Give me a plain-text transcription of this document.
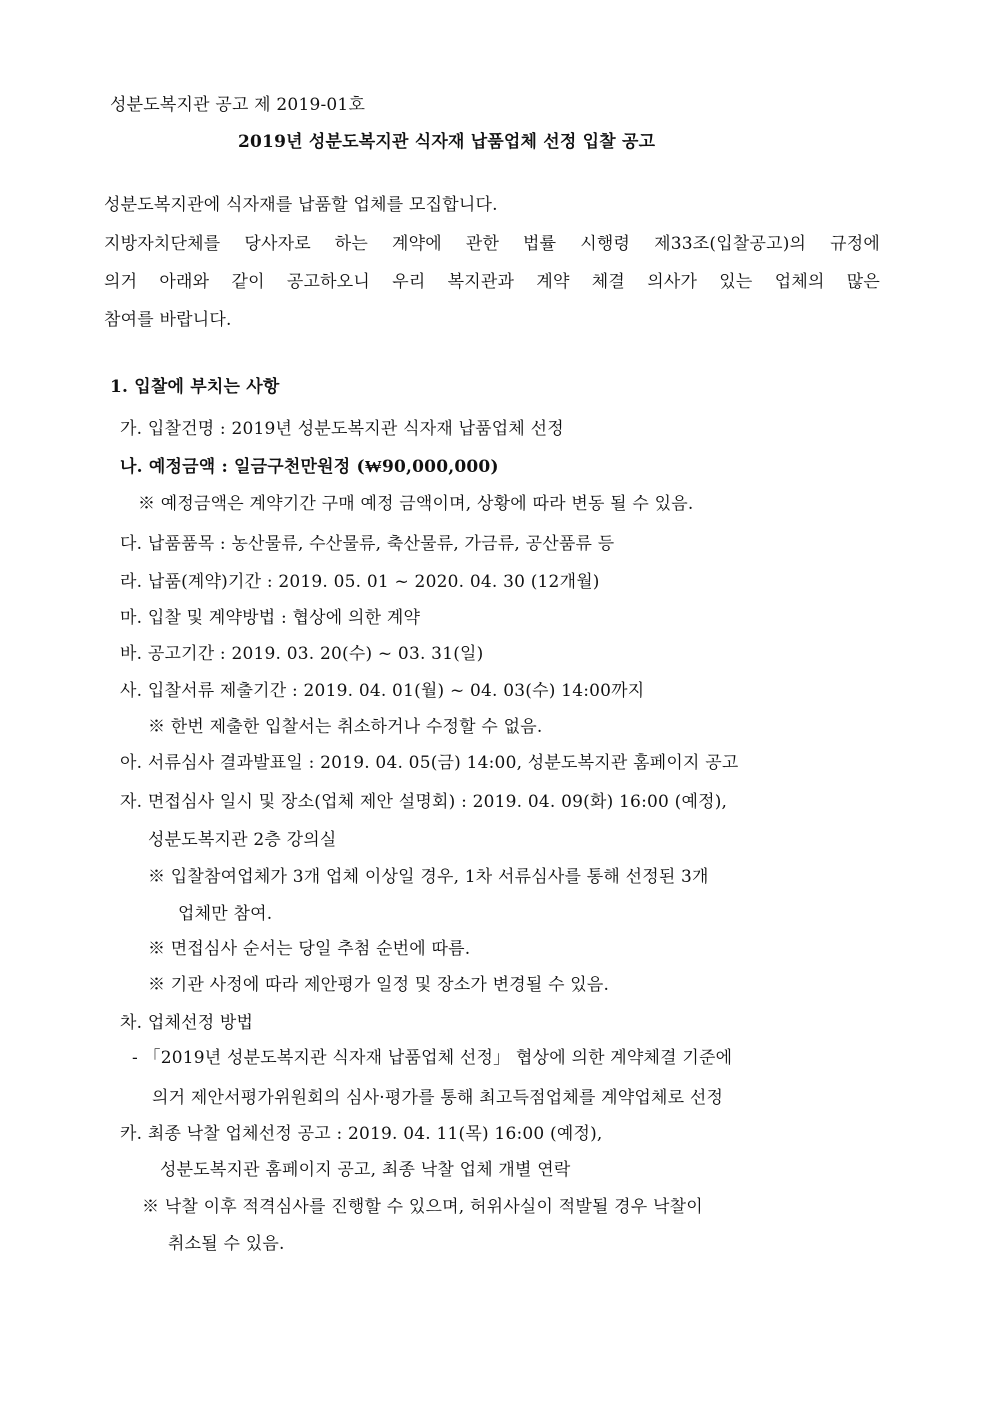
성분도복지관 공고 제 2019-01호
2019년 성분도복지관 식자재 납품업체 선정 입찰 공고
성분도복지관에 식자재를 납품할 업체를 모집합니다.
지방자치단체를 당사자로 하는 계약에 관한 법률 시행령 제33조(입찰공고)의 규정에
의거 아래와 같이 공고하오니 우리 복지관과 계약 체결 의사가 있는 업체의 많은
참여를 바랍니다.
1. 입찰에 부치는 사항
가. 입찰건명 : 2019년 성분도복지관 식자재 납품업체 선정
나. 예정금액 : 일금구천만원정 (₩90,000,000)
※ 예정금액은 계약기간 구매 예정 금액이며, 상황에 따라 변동 될 수 있음.
다. 납품품목 : 농산물류, 수산물류, 축산물류, 가금류, 공산품류 등
라. 납품(계약)기간 : 2019. 05. 01 ~ 2020. 04. 30 (12개월)
마. 입찰 및 계약방법 : 협상에 의한 계약
바. 공고기간 : 2019. 03. 20(수) ~ 03. 31(일)
사. 입찰서류 제출기간 : 2019. 04. 01(월) ~ 04. 03(수) 14:00까지
※ 한번 제출한 입찰서는 취소하거나 수정할 수 없음.
아. 서류심사 결과발표일 : 2019. 04. 05(금) 14:00, 성분도복지관 홈페이지 공고
자. 면접심사 일시 및 장소(업체 제안 설명회) : 2019. 04. 09(화) 16:00 (예정),
성분도복지관 2층 강의실
※ 입찰참여업체가 3개 업체 이상일 경우, 1차 서류심사를 통해 선정된 3개
업체만 참여.
※ 면접심사 순서는 당일 추첨 순번에 따름.
※ 기관 사정에 따라 제안평가 일정 및 장소가 변경될 수 있음.
차. 업체선정 방법
- 「2019년 성분도복지관 식자재 납품업체 선정」 협상에 의한 계약체결 기준에
의거 제안서평가위원회의 심사·평가를 통해 최고득점업체를 계약업체로 선정
카. 최종 낙찰 업체선정 공고 : 2019. 04. 11(목) 16:00 (예정),
성분도복지관 홈페이지 공고, 최종 낙찰 업체 개별 연락
※ 낙찰 이후 적격심사를 진행할 수 있으며, 허위사실이 적발될 경우 낙찰이
취소될 수 있음.
